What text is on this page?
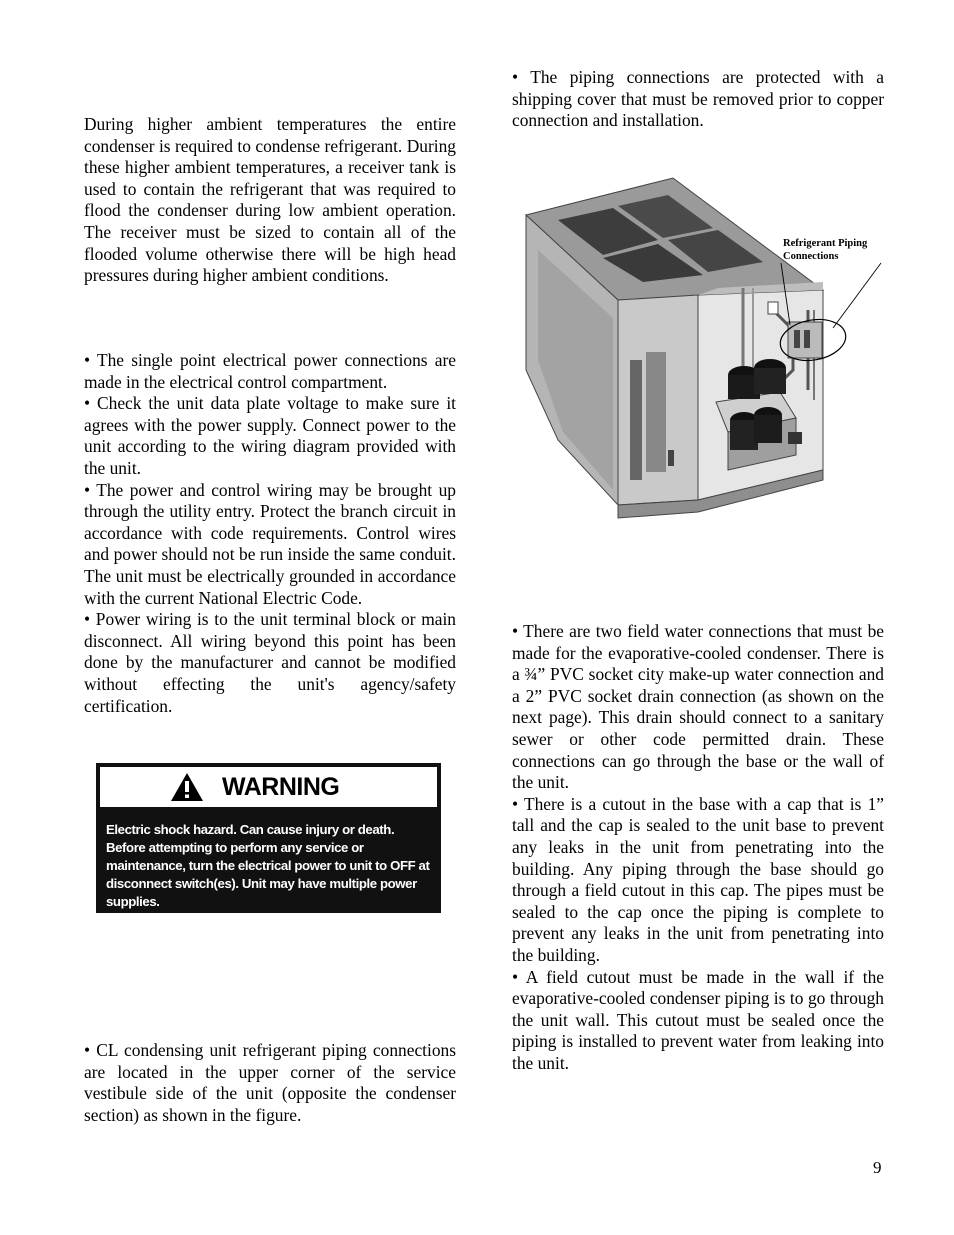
During higher ambient temperatures the entire condenser is required to condense refrigerant. During these higher ambient temperatures, a receiver tank is used to contain the refrigerant that was required to flood the condenser during low ambient operation. The receiver must be sized to contain all of the flooded volume otherwise there will be high head pressures during higher ambient conditions.

• The single point electrical power connections are made in the electrical control compartment.

• Check the unit data plate voltage to make sure it agrees with the power supply. Connect power to the unit according to the wiring diagram provided with the unit.

• The power and control wiring may be brought up through the utility entry. Protect the branch circuit in accordance with code requirements. Control wires and power should not be run inside the same conduit. The unit must be electrically grounded in accordance with the current National Electric Code.

• Power wiring is to the unit terminal block or main disconnect. All wiring beyond this point has been done by the manufacturer and cannot be modified without effecting the unit's agency/safety certification.

WARNING
Electric shock hazard. Can cause injury or death. Before attempting to perform any service or maintenance, turn the electrical power to unit to OFF at disconnect switch(es). Unit may have multiple power supplies.

• CL condensing unit refrigerant piping connections are located in the upper corner of the service vestibule side of the unit (opposite the condenser section) as shown in the figure.

• The piping connections are protected with a shipping cover that must be removed prior to copper connection and installation.

Refrigerant Piping
Connections

• There are two field water connections that must be made for the evaporative-cooled condenser. There is a ¾” PVC socket city make-up water connection and a 2” PVC socket drain connection (as shown on the next page). This drain should connect to a sanitary sewer or other code permitted drain. These connections can go through the base or the wall of the unit.

• There is a cutout in the base with a cap that is 1” tall and the cap is sealed to the unit base to prevent any leaks in the unit from penetrating into the building. Any piping through the base should go through a field cutout in this cap. The pipes must be sealed to the cap once the piping is complete to prevent any leaks in the unit from penetrating into the building.

• A field cutout must be made in the wall if the evaporative-cooled condenser piping is to go through the unit wall. This cutout must be sealed once the piping is installed to prevent water from leaking into the unit.

9
